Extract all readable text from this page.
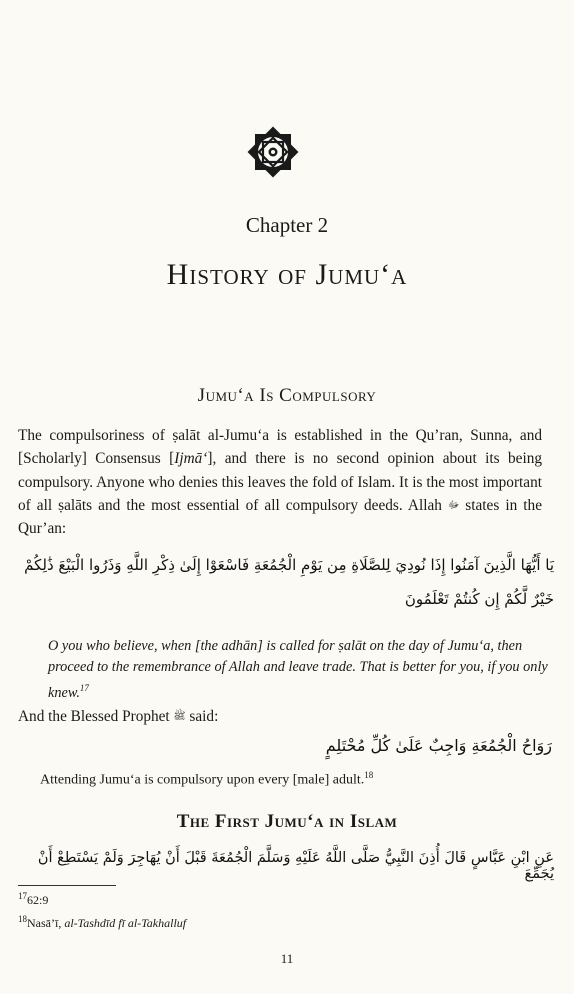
Chapter 2
History of Jumu‘a
Jumu‘a Is Compulsory
The compulsoriness of ṣalāt al-Jumu‘a is established in the Qu’ran, Sunna, and [Scholarly] Consensus [Ijmā‘], and there is no second opinion about its being compulsory. Anyone who denies this leaves the fold of Islam. It is the most important of all ṣalāts and the most essential of all compulsory deeds. Allah ﷻ states in the Qur’an:
يَا أَيُّهَا الَّذِينَ آمَنُوا إِذَا نُودِيَ لِلصَّلَاةِ مِن يَوْمِ الْجُمُعَةِ فَاسْعَوْا إِلَىٰ ذِكْرِ اللَّهِ وَذَرُوا الْبَيْعَ ذَٰلِكُمْ خَيْرٌ لَّكُمْ إِن كُنتُمْ تَعْلَمُونَ
O you who believe, when [the adhān] is called for ṣalāt on the day of Jumu‘a, then proceed to the remembrance of Allah and leave trade. That is better for you, if you only knew.$^{17}$
And the Blessed Prophet ﷺ said:
رَوَاحُ الْجُمُعَةِ وَاجِبٌ عَلَىٰ كُلِّ مُحْتَلِمٍ
Attending Jumu‘a is compulsory upon every [male] adult.$^{18}$
The First Jumu‘a in Islam
عَنِ ابْنِ عَبَّاسٍ قَالَ أُذِنَ النَّبِيُّ صَلَّى اللَّهُ عَلَيْهِ وَسَلَّمَ الْجُمُعَةَ قَبْلَ أَنْ يُهَاجِرَ وَلَمْ يَسْتَطِعْ أَنْ يُجَمِّعَ
$^{17}$62:9
$^{18}$Nasā’ī, al-Tashdīd fī al-Takhalluf
11
